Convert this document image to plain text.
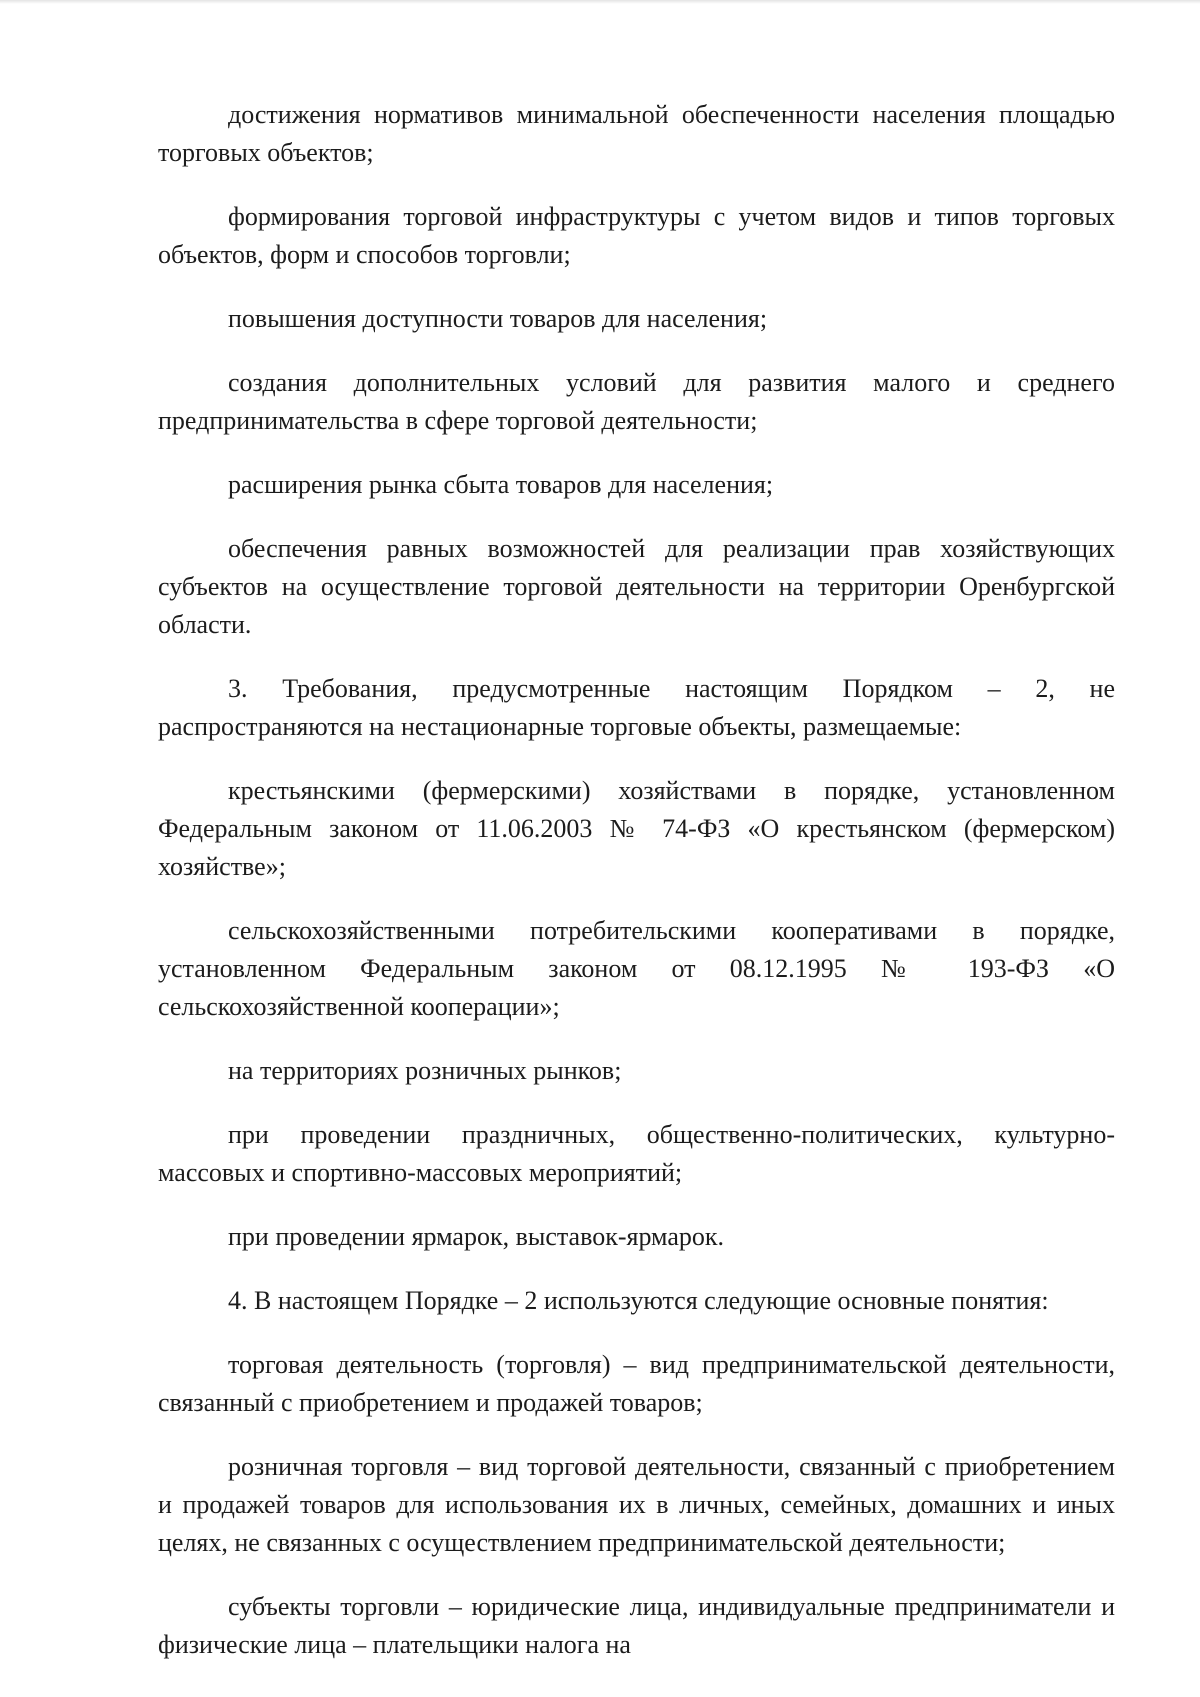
достижения нормативов минимальной обеспеченности населения площадью торговых объектов;

формирования торговой инфраструктуры с учетом видов и типов торговых объектов, форм и способов торговли;

повышения доступности товаров для населения;

создания дополнительных условий для развития малого и среднего предпринимательства в сфере торговой деятельности;

расширения рынка сбыта товаров для населения;

обеспечения равных возможностей для реализации прав хозяйствующих субъектов на осуществление торговой деятельности на территории Оренбургской области.

3. Требования, предусмотренные настоящим Порядком – 2, не распространяются на нестационарные торговые объекты, размещаемые:

крестьянскими (фермерскими) хозяйствами в порядке, установленном Федеральным законом от 11.06.2003 № 74-ФЗ «О крестьянском (фермерском) хозяйстве»;

сельскохозяйственными потребительскими кооперативами в порядке, установленном Федеральным законом от 08.12.1995 № 193-ФЗ «О сельскохозяйственной кооперации»;

на территориях розничных рынков;

при проведении праздничных, общественно-политических, культурно-массовых и спортивно-массовых мероприятий;

при проведении ярмарок, выставок-ярмарок.

4. В настоящем Порядке – 2 используются следующие основные понятия:

торговая деятельность (торговля) – вид предпринимательской деятельности, связанный с приобретением и продажей товаров;

розничная торговля – вид торговой деятельности, связанный с приобретением и продажей товаров для использования их в личных, семейных, домашних и иных целях, не связанных с осуществлением предпринимательской деятельности;

субъекты торговли – юридические лица, индивидуальные предприниматели и физические лица – плательщики налога на
